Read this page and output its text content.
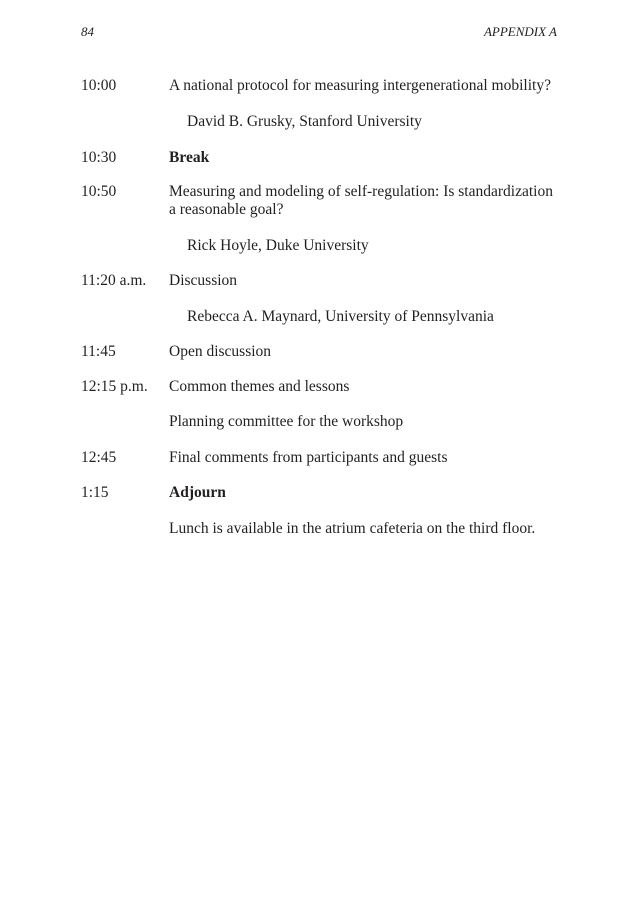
84	APPENDIX A
10:00	A national protocol for measuring intergenerational mobility?
David B. Grusky, Stanford University
10:30	Break
10:50	Measuring and modeling of self-regulation: Is standardization
a reasonable goal?
Rick Hoyle, Duke University
11:20 a.m. Discussion
Rebecca A. Maynard, University of Pennsylvania
11:45	Open discussion
12:15 p.m. Common themes and lessons
Planning committee for the workshop
12:45	Final comments from participants and guests
1:15	Adjourn
Lunch is available in the atrium cafeteria on the third floor.
